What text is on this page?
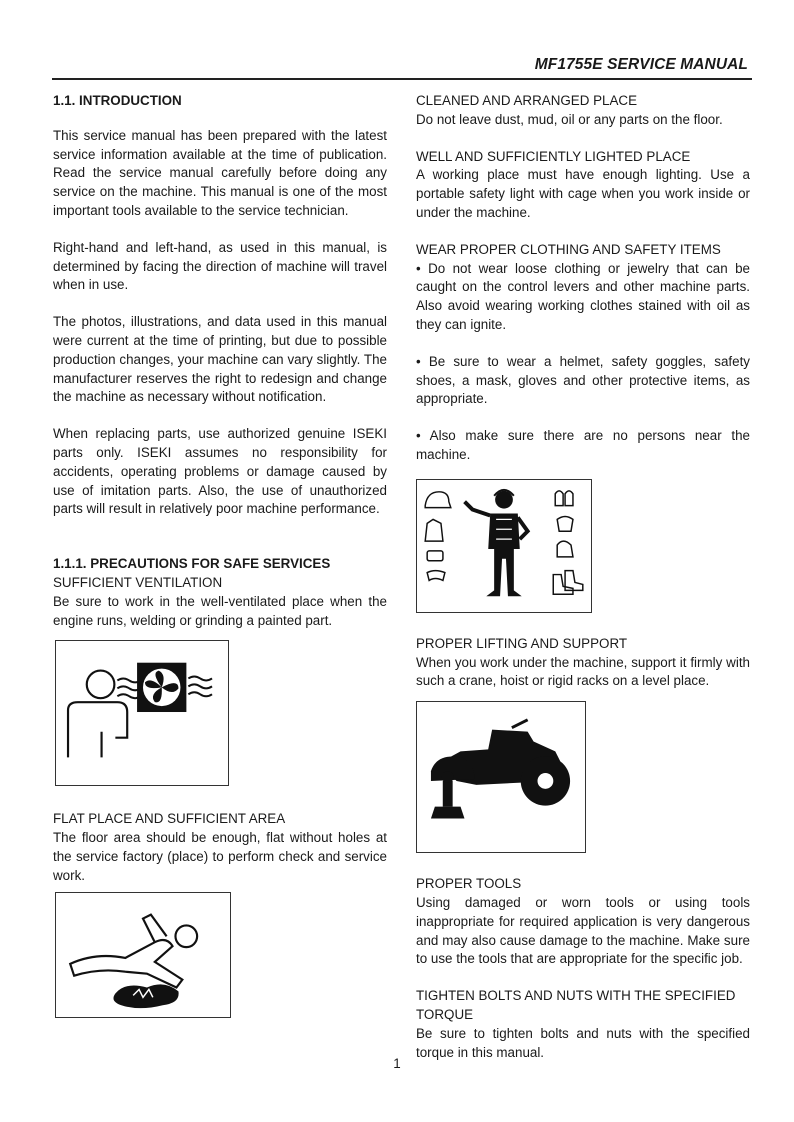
MF1755E SERVICE MANUAL
1.1. INTRODUCTION

This service manual has been prepared with the latest service information available at the time of publication. Read the service manual carefully before doing any service on the machine. This manual is one of the most important tools available to the service technician.

Right-hand and left-hand, as used in this manual, is determined by facing the direction of machine will travel when in use.

The photos, illustrations, and data used in this manual were current at the time of printing, but due to possible production changes, your machine can vary slightly. The manufacturer reserves the right to redesign and change the machine as necessary without notification.

When replacing parts, use authorized genuine ISEKI parts only. ISEKI assumes no responsibility for accidents, operating problems or damage caused by use of imitation parts. Also, the use of unauthorized parts will result in relatively poor machine performance.

1.1.1. PRECAUTIONS FOR SAFE SERVICES
SUFFICIENT VENTILATION

Be sure to work in the well-ventilated place when the engine runs, welding or grinding a painted part.

FLAT PLACE AND SUFFICIENT AREA

The floor area should be enough, flat without holes at the service factory (place) to perform check and service work.

CLEANED AND ARRANGED PLACE

Do not leave dust, mud, oil or any parts on the floor.

WELL AND SUFFICIENTLY LIGHTED PLACE

A working place must have enough lighting. Use a portable safety light with cage when you work inside or under the machine.

WEAR PROPER CLOTHING AND SAFETY ITEMS

• Do not wear loose clothing or jewelry that can be caught on the control levers and other machine parts. Also avoid wearing working clothes stained with oil as they can ignite.

• Be sure to wear a helmet, safety goggles, safety shoes, a mask, gloves and other protective items, as appropriate.

• Also make sure there are no persons near the machine.

PROPER LIFTING AND SUPPORT

When you work under the machine, support it firmly with such a crane, hoist or rigid racks on a level place.

PROPER TOOLS

Using damaged or worn tools or using tools inappropriate for required application is very dangerous and may also cause damage to the machine. Make sure to use the tools that are appropriate for the specific job.

TIGHTEN BOLTS AND NUTS WITH THE SPECIFIED TORQUE

Be sure to tighten bolts and nuts with the specified torque in this manual.

1
